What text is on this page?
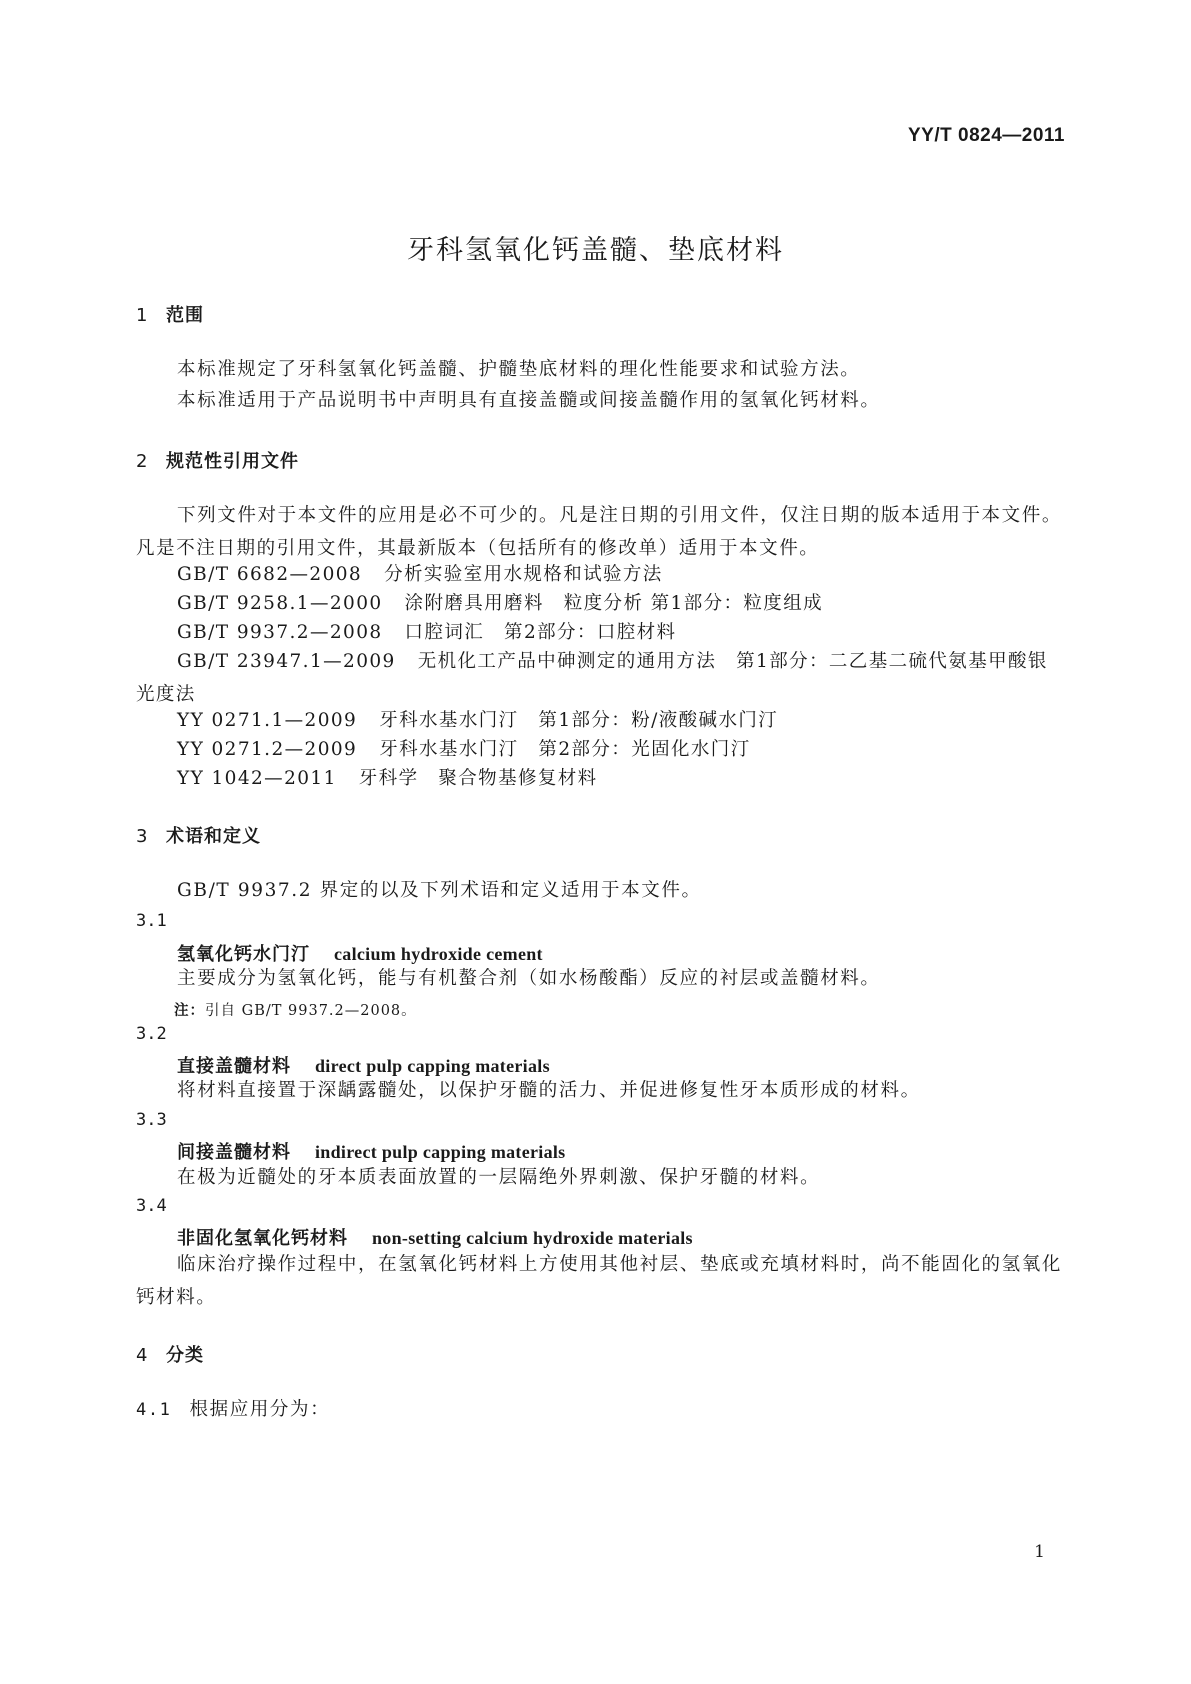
YY/T 0824—2011
牙科氢氧化钙盖髓、垫底材料
1 范围
本标准规定了牙科氢氧化钙盖髓、护髓垫底材料的理化性能要求和试验方法。
本标准适用于产品说明书中声明具有直接盖髓或间接盖髓作用的氢氧化钙材料。
2 规范性引用文件
下列文件对于本文件的应用是必不可少的。凡是注日期的引用文件，仅注日期的版本适用于本文件。凡是不注日期的引用文件，其最新版本（包括所有的修改单）适用于本文件。
GB/T 6682—2008 分析实验室用水规格和试验方法
GB/T 9258.1—2000 涂附磨具用磨料　粒度分析 第1部分：粒度组成
GB/T 9937.2—2008 口腔词汇　第2部分：口腔材料
GB/T 23947.1—2009 无机化工产品中砷测定的通用方法　第1部分：二乙基二硫代氨基甲酸银光度法
YY 0271.1—2009 牙科水基水门汀　第1部分：粉/液酸碱水门汀
YY 0271.2—2009 牙科水基水门汀　第2部分：光固化水门汀
YY 1042—2011 牙科学　聚合物基修复材料
3 术语和定义
GB/T 9937.2 界定的以及下列术语和定义适用于本文件。
3.1
氢氧化钙水门汀 calcium hydroxide cement
主要成分为氢氧化钙，能与有机螯合剂（如水杨酸酯）反应的衬层或盖髓材料。
注：引自 GB/T 9937.2—2008。
3.2
直接盖髓材料 direct pulp capping materials
将材料直接置于深龋露髓处，以保护牙髓的活力、并促进修复性牙本质形成的材料。
3.3
间接盖髓材料 indirect pulp capping materials
在极为近髓处的牙本质表面放置的一层隔绝外界刺激、保护牙髓的材料。
3.4
非固化氢氧化钙材料 non-setting calcium hydroxide materials
临床治疗操作过程中，在氢氧化钙材料上方使用其他衬层、垫底或充填材料时，尚不能固化的氢氧化钙材料。
4 分类
4.1 根据应用分为：
1
